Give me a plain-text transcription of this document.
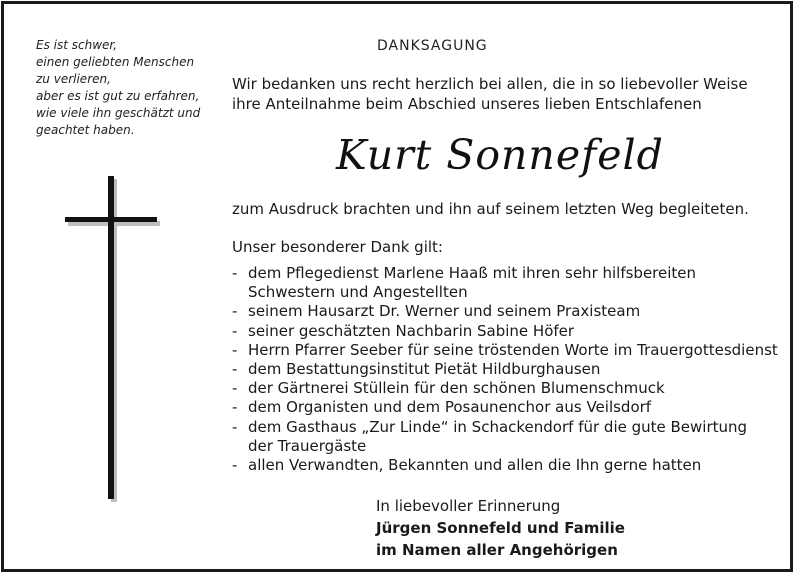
Es ist schwer,
einen geliebten Menschen
zu verlieren,
aber es ist gut zu erfahren,
wie viele ihn geschätzt und
geachtet haben.
DANKSAGUNG
Wir bedanken uns recht herzlich bei allen, die in so liebevoller Weise
ihre Anteilnahme beim Abschied unseres lieben Entschlafenen
Kurt Sonnefeld
zum Ausdruck brachten und ihn auf seinem letzten Weg begleiteten.
Unser besonderer Dank gilt:
- dem Pflegedienst Marlene Haaß mit ihren sehr hilfsbereiten
Schwestern und Angestellten
- seinem Hausarzt Dr. Werner und seinem Praxisteam
- seiner geschätzten Nachbarin Sabine Höfer
- Herrn Pfarrer Seeber für seine tröstenden Worte im Trauergottesdienst
- dem Bestattungsinstitut Pietät Hildburghausen
- der Gärtnerei Stüllein für den schönen Blumenschmuck
- dem Organisten und dem Posaunenchor aus Veilsdorf
- dem Gasthaus „Zur Linde“ in Schackendorf für die gute Bewirtung
der Trauergäste
- allen Verwandten, Bekannten und allen die Ihn gerne hatten
In liebevoller Erinnerung
Jürgen Sonnefeld und Familie
im Namen aller Angehörigen
